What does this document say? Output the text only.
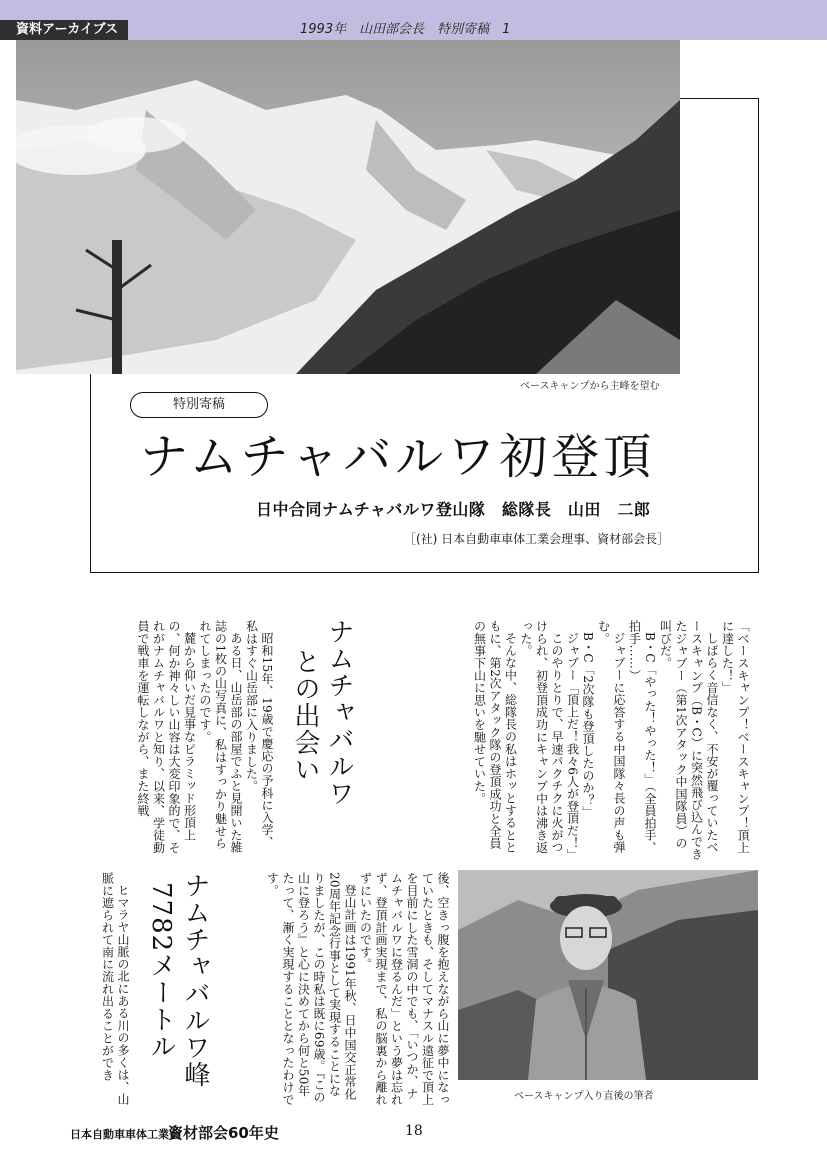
資料アーカイブス	1993年　山田部会長　特別寄稿　1
ベースキャンプから主峰を望む
特別寄稿
ナムチャバルワ初登頂
日中合同ナムチャバルワ登山隊　総隊長　山田　二郎
［(社) 日本自動車車体工業会理事、資材部会長］

「ベースキャンプ！ベースキャンプ！頂上に達した！」

しばらく音信なく、不安が覆っていたベースキャンプ（B・C）に突然飛び込んできたジャブー（第1次アタック中国隊員）の叫びだ。

B・C「やった！やった！」（全員拍手、拍手……）

ジャブーに応答する中国隊々長の声も弾む。

B・C「2次隊も登頂したのか？」

ジャブー「頂上だ！我々6人が登頂だ！」

このやりとりで、早速パクチクに火がつけられ、初登頂成功にキャンプ中は沸き返った。

そんな中、総隊長の私はホッとするとともに、第2次アタック隊の登頂成功と全員の無事下山に思いを馳せていた。

ナムチャバルワ
との出会い

昭和15年、19歳で慶応の予科に入学、私はすぐ山岳部に入りました。

ある日、山岳部の部屋でふと見開いた雑誌の1枚の山写真に、私はすっかり魅せられてしまったのです。

麓から仰いだ見事なピラミッド形頂上の、何か神々しい山容は大変印象的で、それがナムチャバルワと知り、以来、学徒動員で戦車を運転しながら、また終戦

後、空きっ腹を抱えながら山に夢中になっていたときも、そしてマナスル遠征で頂上を目前にした雪洞の中でも、「いつか、ナムチャバルワに登るんだ」という夢は忘れず、登頂計画実現まで、私の脳裏から離れずにいたのです。

登山計画は1991年秋、日中国交正常化20周年記念行事として実現することになりましたが、この時私は既に69歳。『この山に登ろう』と心に決めてから何と50年たって、漸く実現することとなったわけです。

ナムチャバルワ峰
7782メートル

ヒマラヤ山脈の北にある川の多くは、山脈に遮られて南に流れ出ることができ

ベースキャンプ入り直後の筆者
日本自動車車体工業会
資材部会60年史	18
